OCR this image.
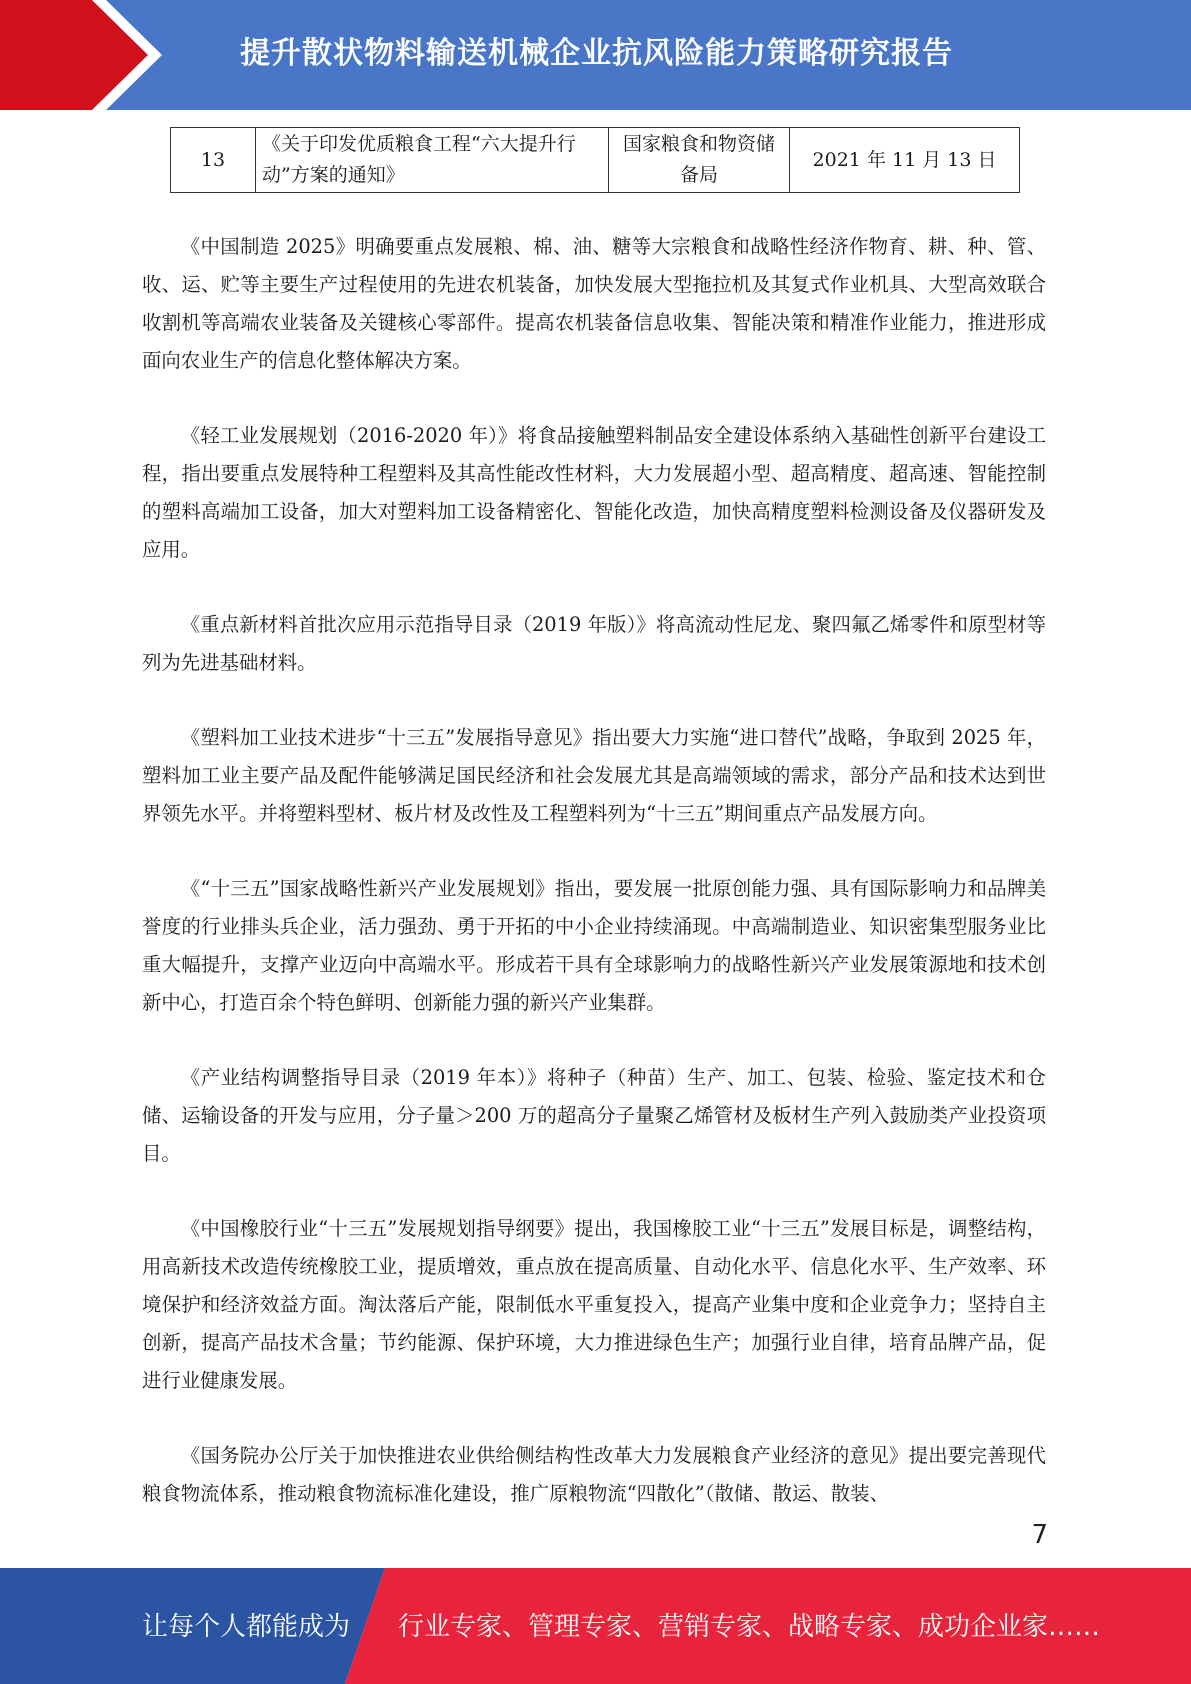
提升散状物料输送机械企业抗风险能力策略研究报告
13	《关于印发优质粮食工程“六大提升行动”方案的通知》	国家粮食和物资储备局	2021 年 11 月 13 日

《中国制造 2025》明确要重点发展粮、棉、油、糖等大宗粮食和战略性经济作物育、耕、种、管、收、运、贮等主要生产过程使用的先进农机装备，加快发展大型拖拉机及其复式作业机具、大型高效联合收割机等高端农业装备及关键核心零部件。提高农机装备信息收集、智能决策和精准作业能力，推进形成面向农业生产的信息化整体解决方案。

《轻工业发展规划（2016-2020 年）》将食品接触塑料制品安全建设体系纳入基础性创新平台建设工程，指出要重点发展特种工程塑料及其高性能改性材料，大力发展超小型、超高精度、超高速、智能控制的塑料高端加工设备，加大对塑料加工设备精密化、智能化改造，加快高精度塑料检测设备及仪器研发及应用。

《重点新材料首批次应用示范指导目录（2019 年版）》将高流动性尼龙、聚四氟乙烯零件和原型材等列为先进基础材料。

《塑料加工业技术进步“十三五”发展指导意见》指出要大力实施“进口替代”战略，争取到 2025 年，塑料加工业主要产品及配件能够满足国民经济和社会发展尤其是高端领域的需求，部分产品和技术达到世界领先水平。并将塑料型材、板片材及改性及工程塑料列为“十三五”期间重点产品发展方向。

《“十三五”国家战略性新兴产业发展规划》指出，要发展一批原创能力强、具有国际影响力和品牌美誉度的行业排头兵企业，活力强劲、勇于开拓的中小企业持续涌现。中高端制造业、知识密集型服务业比重大幅提升，支撑产业迈向中高端水平。形成若干具有全球影响力的战略性新兴产业发展策源地和技术创新中心，打造百余个特色鲜明、创新能力强的新兴产业集群。

《产业结构调整指导目录（2019 年本）》将种子（种苗）生产、加工、包装、检验、鉴定技术和仓储、运输设备的开发与应用，分子量＞200 万的超高分子量聚乙烯管材及板材生产列入鼓励类产业投资项目。

《中国橡胶行业“十三五”发展规划指导纲要》提出，我国橡胶工业“十三五”发展目标是，调整结构，用高新技术改造传统橡胶工业，提质增效，重点放在提高质量、自动化水平、信息化水平、生产效率、环境保护和经济效益方面。淘汰落后产能，限制低水平重复投入，提高产业集中度和企业竞争力；坚持自主创新，提高产品技术含量；节约能源、保护环境，大力推进绿色生产；加强行业自律，培育品牌产品，促进行业健康发展。

《国务院办公厅关于加快推进农业供给侧结构性改革大力发展粮食产业经济的意见》提出要完善现代粮食物流体系，推动粮食物流标准化建设，推广原粮物流“四散化”（散储、散运、散装、

7
让每个人都能成为 行业专家、管理专家、营销专家、战略专家、成功企业家……
